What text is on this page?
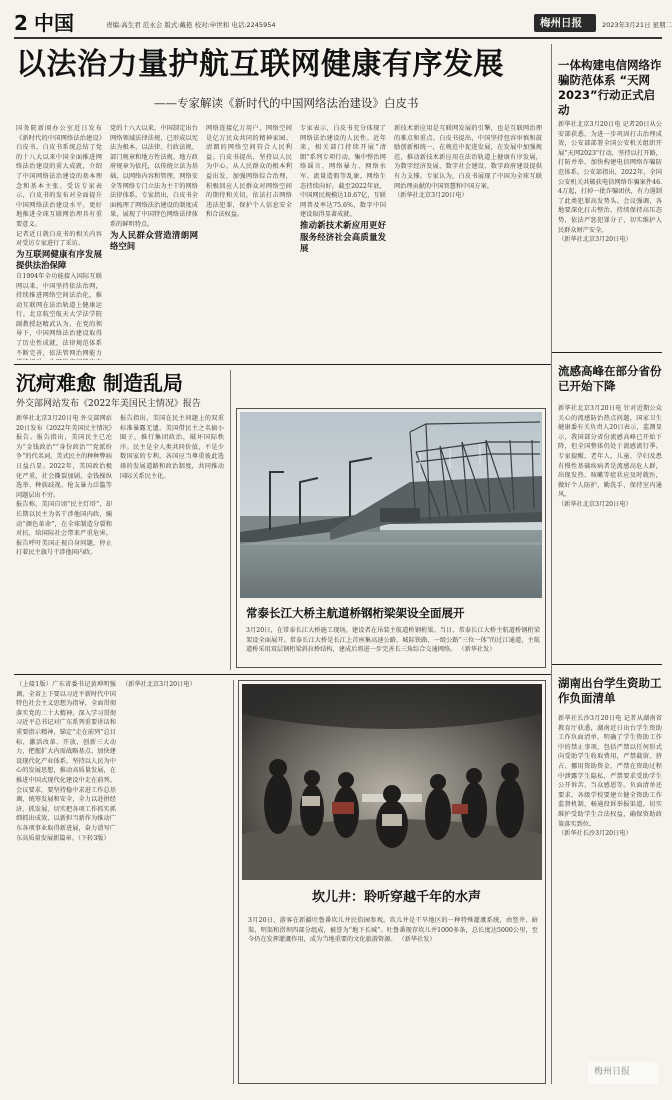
2 中国	责编:高生君 范永会 版式:戴艳 校对:申世和 电话:2245954	梅州日报	2023年3月21日 星期二
以法治力量护航互联网健康有序发展
——专家解读《新时代的中国网络法治建设》白皮书
国务院新闻办公室近日发布《新时代的中国网络法治建设》白皮书。白皮书系统总结了党的十八大以来中国全面推进网络法治建设的重大成就，介绍了中国网络法治建设的基本理念和基本主张。受访专家表示，白皮书的发布对全面提升中国网络法治建设水平、更好地推进全球互联网治理具有重要意义。
记者近日就白皮书的相关内容对受访专家进行了采访。
为互联网健康有序发展提供法治保障
自1994年全功能接入国际互联网以来，中国坚持依法治网，持续推进网络空间法治化，推动互联网在法治轨道上健康运行。北京航空航天大学法学院副教授赵精武认为，在党的领导下，中国网络法治建设取得了历史性成就，法律规范体系不断完善，依法管网治网能力
党的十八大以来，中国制定出台网络领域法律法规，已形成以宪法为根本，以法律、行政法规、部门规章和地方性法规、地方政府规章为依托，以传统立法为基础，以网络内容和管理、网络安全等网络专门立法为主干的网络法律体系。专家指出，白皮书全面梳理了网络法治建设的制度成果，展现了中国特色网络法律体系的鲜明特点。
为人民群众营造清朗网络空间
网络连接亿万用户，网络空间是亿万民众共同的精神家园。清朗的网络空间符合人民利益。白皮书提出，坚持以人民为中心，从人民群众的根本利益出发，加强网络综合治理，积极回应人民群众对网络空间的期待和关切，依法打击网络违法犯罪，保护个人信息安全和合法权益。
专家表示，白皮书充分体现了网络法治建设的人民性。近年来，相关部门持续开展“清朗”系列专项行动，集中整治网络谣言、网络暴力、网络水军、流量造假等乱象，网络生态持续向好。截至2022年底，中国网民规模达10.67亿，互联网普及率达75.6%，数字中国建设取得显著成就。
推动新技术新应用更好服务经济社会高质量发展
新技术新应用是互联网发展的引擎，也是互联网治理的难点和重点。白皮书提出，中国坚持包容审慎和鼓励创新相统一，在规范中促进发展，在发展中加强规范，推动新技术新应用在法治轨道上健康有序发展，为数字经济发展、数字社会建设、数字政府建设提供有力支撑。专家认为，白皮书展现了中国为全球互联网治理贡献的中国智慧和中国方案。
（新华社北京3月20日电）
一体构建电信网络诈骗防范体系 “天网2023”行动正式启动
新华社北京3月20日电 记者20日从公安部获悉，为进一步巩固打击治理成效，公安部部署全国公安机关组织开展“天网2023”行动，坚持以打开路，打防并举，加快构建电信网络诈骗防范体系。公安部指出，2022年，全国公安机关共破获电信网络诈骗案件46.4万起，打掉一批诈骗团伙，有力遏制了此类犯罪高发势头。会议强调，各地要深化打击整治，持续保持高压态势，依法严惩犯罪分子，切实维护人民群众财产安全。
（新华社北京3月20日电）
沉疴难愈 制造乱局
外交部网站发布《2022年美国民主情况》报告
新华社北京3月20日电 外交部网站20日发布《2022年美国民主情况》报告。报告指出，美国民主已沦为“金钱政治”“身份政治”“党派纷争”的代名词，美式民主的种种弊病日益凸显。2022年，美国政治极化严重，社会撕裂加剧，金钱操纵选举、种族歧视、枪支暴力泛滥等问题层出不穷。
报告称，美国自诩“民主灯塔”，却长期以民主为名干涉他国内政，煽动“颜色革命”，在全球制造分裂和对抗，给国际社会带来严重危害。报告呼吁美国正视自身问题，停止打着民主旗号干涉他国内政。
报告指出，美国在民主问题上的双重标准暴露无遗。美国借民主之名搞小圈子，推行集团政治，破坏国际秩序。民主是全人类共同价值，不是少数国家的专利。各国应当尊重彼此选择的发展道路和政治制度，共同推动国际关系民主化。
常泰长江大桥主航道桥钢桁梁架设全面展开
3月20日，在常泰长江大桥施工现场，建设者在吊装主航道桥钢桁梁。当日，常泰长江大桥主航道桥钢桁梁架设全面展开。常泰长江大桥是长江上首座集高速公路、城际铁路、一级公路“三位一体”的过江通道，主航道桥采用双层钢桁梁斜拉桥结构，建成后将进一步完善长三角综合交通网络。 （新华社发）
流感高峰在部分省份已开始下降
新华社北京3月20日电 针对近期公众关心的流感防治热点问题，国家卫生健康委有关负责人20日表示，监测显示，我国部分省份流感高峰已开始下降，但全国整体仍处于流感流行季。专家提醒，老年人、儿童、孕妇及患有慢性基础疾病者是流感高危人群，出现发热、咳嗽等症状应及时就医，做好个人防护，勤洗手，保持室内通风。
（新华社北京3月20日电）
（上接1版）广东省委书记黄坤明强调，全省上下要以习近平新时代中国特色社会主义思想为指导，全面贯彻落实党的二十大精神，深入学习贯彻习近平总书记对广东系列重要讲话和重要指示精神，锚定“走在前列”总目标，激活改革、开放、创新三大动力，把握扩大内需战略基点、加快建设现代化产业体系，坚持以人民为中心的发展思想，推动高质量发展，在推进中国式现代化建设中走在前列。会议要求，要坚持稳中求进工作总基调，统筹发展和安全，全力以赴拼经济、抓发展，切实把各项工作抓实抓细抓出成效，以新担当新作为推动广东各项事业取得新进展，奋力谱写广东高质量发展新篇章。（下转3版）
（新华社北京3月20日电）
坎儿井：聆听穿越千年的水声
3月20日，游客在新疆吐鲁番坎儿井民俗园参观。坎儿井是干旱地区的一种特殊灌溉系统，由竖井、暗渠、明渠和涝坝四部分组成，被誉为“地下长城”。吐鲁番现存坎儿井1000多条，总长度达5000公里，至今仍在发挥灌溉作用，成为当地重要的文化旅游资源。 （新华社发）
湖南出台学生资助工作负面清单
新华社长沙3月20日电 记者从湖南省教育厅获悉，湖南近日出台学生资助工作负面清单，明确了学生资助工作中的禁止事项，包括严禁以任何形式向受助学生收取费用，严禁截留、挤占、挪用资助资金，严禁在资助过程中泄露学生隐私，严禁要求受助学生公开诉苦、当众感恩等。负面清单还要求，各级学校要建立健全资助工作监督机制，畅通投诉举报渠道，切实维护受助学生合法权益，确保资助政策落实到位。
（新华社长沙3月20日电）
梅州日报
